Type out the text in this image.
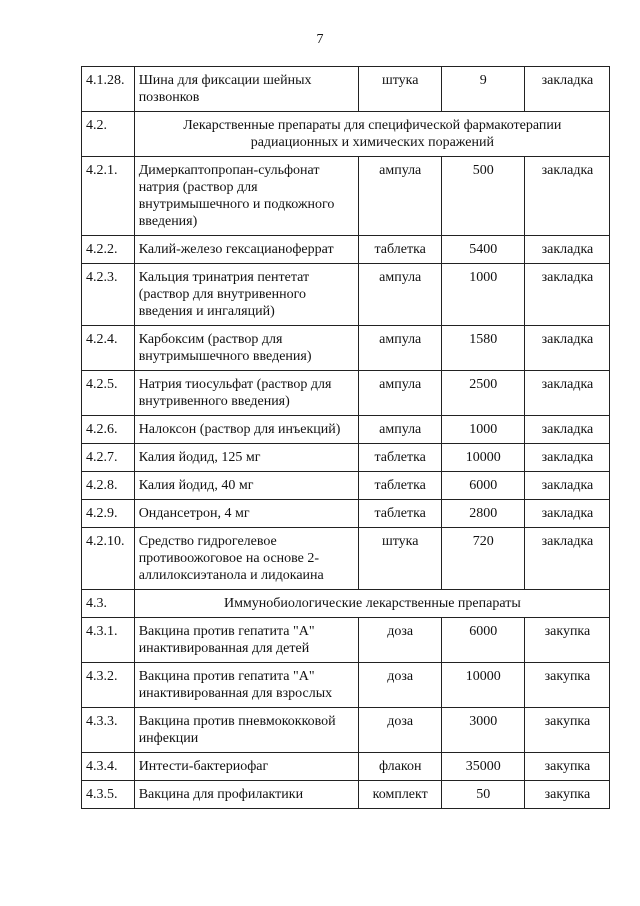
7
4.1.28.	Шина для фиксации шейных позвонков	штука	9	закладка
4.2.	Лекарственные препараты для специфической фармакотерапии радиационных и химических поражений			
4.2.1.	Димеркаптопропан-сульфонат натрия (раствор для внутримышечного и подкожного введения)	ампула	500	закладка
4.2.2.	Калий-железо гексацианоферрат	таблетка	5400	закладка
4.2.3.	Кальция тринатрия пентетат (раствор для внутривенного введения и ингаляций)	ампула	1000	закладка
4.2.4.	Карбоксим (раствор для внутримышечного введения)	ампула	1580	закладка
4.2.5.	Натрия тиосульфат (раствор для внутривенного введения)	ампула	2500	закладка
4.2.6.	Налоксон (раствор для инъекций)	ампула	1000	закладка
4.2.7.	Калия йодид, 125 мг	таблетка	10000	закладка
4.2.8.	Калия йодид, 40 мг	таблетка	6000	закладка
4.2.9.	Ондансетрон, 4 мг	таблетка	2800	закладка
4.2.10.	Средство гидрогелевое противоожоговое на основе 2-аллилоксиэтанола и лидокаина	штука	720	закладка
4.3.	Иммунобиологические лекарственные препараты			
4.3.1.	Вакцина против гепатита "А" инактивированная для детей	доза	6000	закупка
4.3.2.	Вакцина против гепатита "А" инактивированная для взрослых	доза	10000	закупка
4.3.3.	Вакцина против пневмококковой инфекции	доза	3000	закупка
4.3.4.	Интести-бактериофаг	флакон	35000	закупка
4.3.5.	Вакцина для профилактики	комплект	50	закупка
